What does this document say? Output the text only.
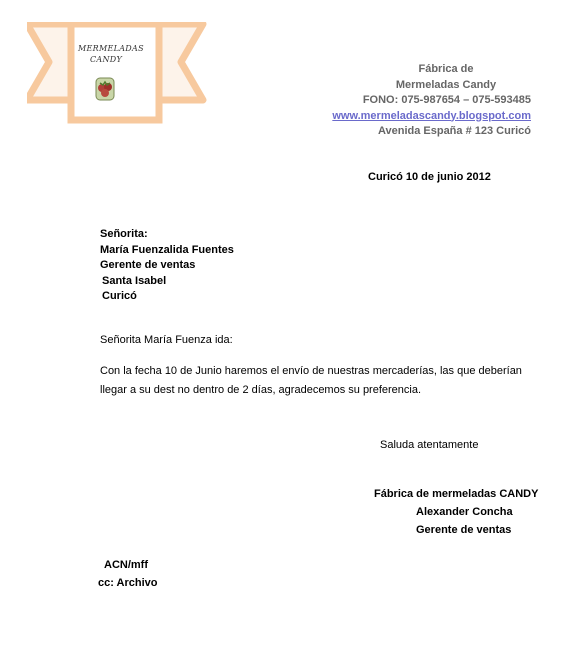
MERMELADAS
CANDY
Fábrica de
Mermeladas Candy
FONO: 075-987654 – 075-593485
www.mermeladascandy.blogspot.com
Avenida España # 123 Curicó
Curicó 10 de junio 2012
Señorita:
María Fuenzalida Fuentes
Gerente de ventas
Santa Isabel
Curicó
Señorita María Fuenza ida:
Con la fecha 10 de Junio haremos el envío de nuestras mercaderías, las que deberían
llegar a su dest no dentro de 2 días, agradecemos su preferencia.
Saluda atentamente
Fábrica de mermeladas CANDY
Alexander Concha
Gerente de ventas
ACN/mff
cc: Archivo
